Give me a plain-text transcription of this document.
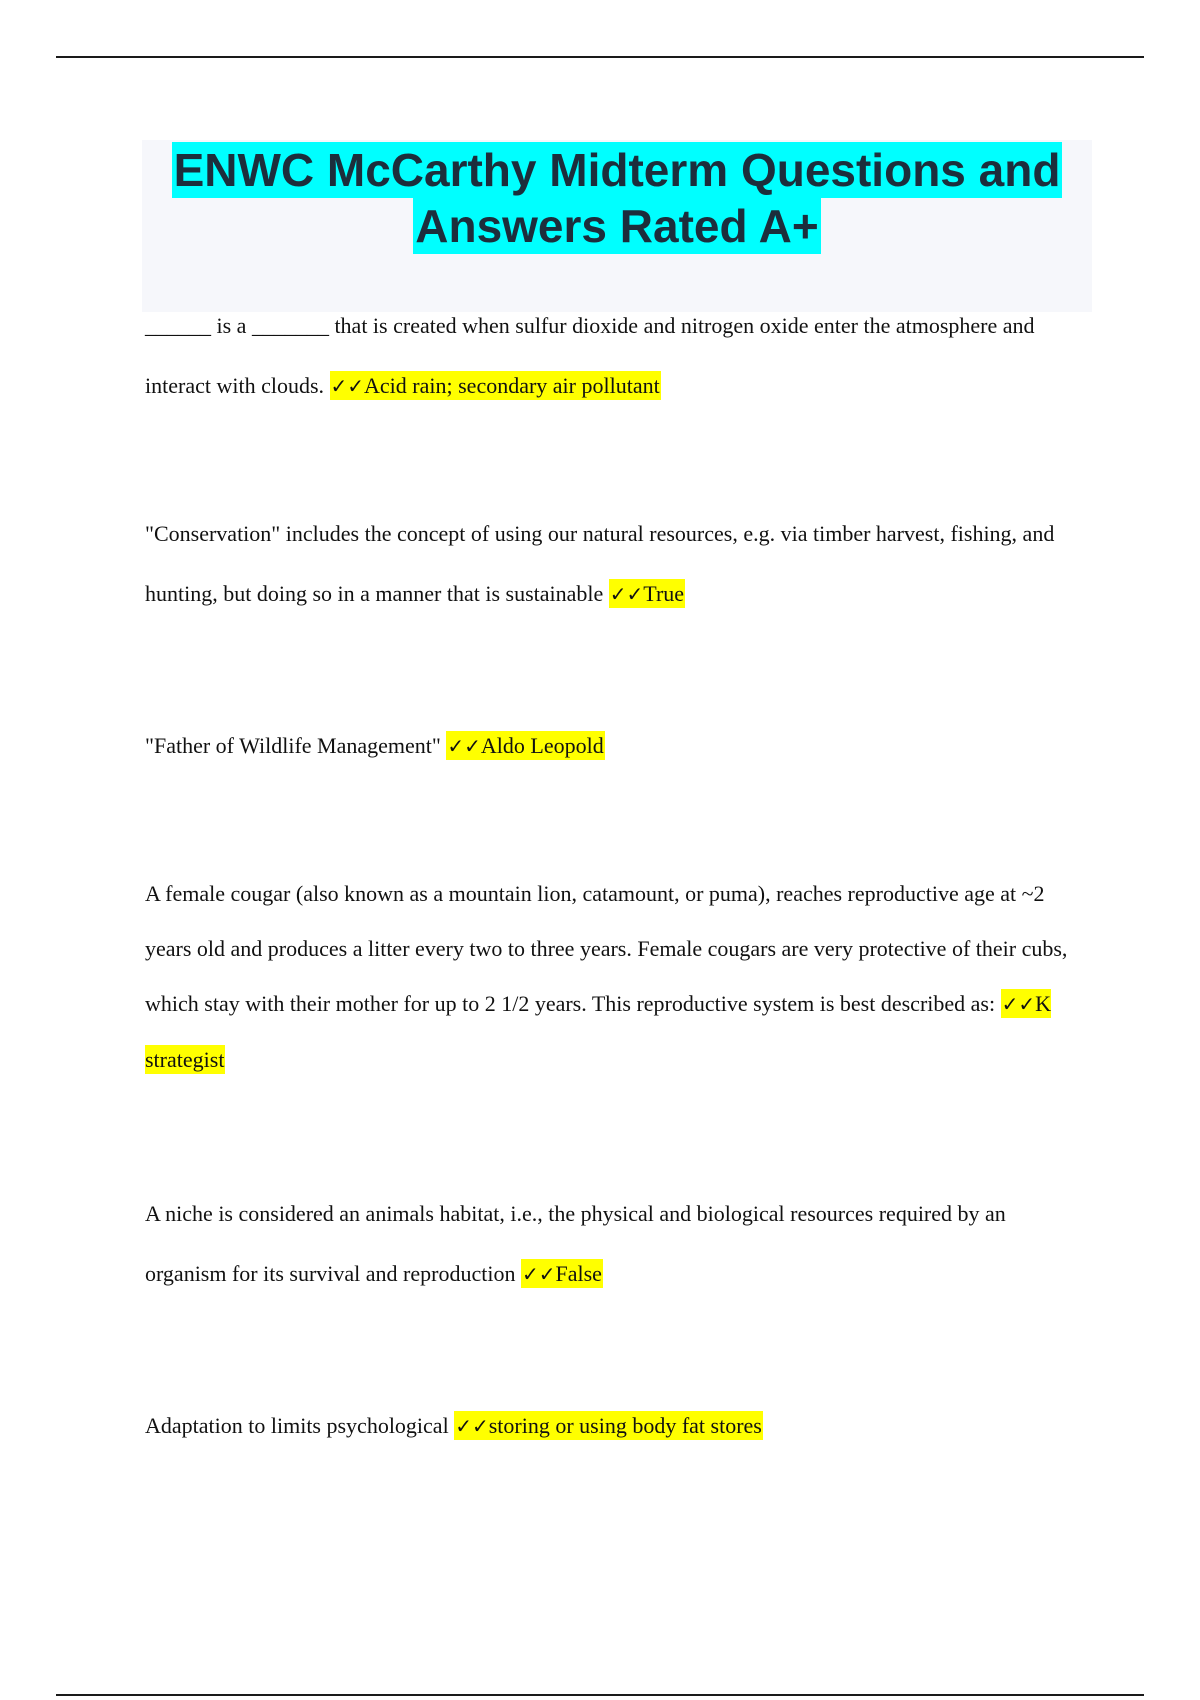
ENWC McCarthy Midterm Questions and
Answers Rated A+

______ is a _______ that is created when sulfur dioxide and nitrogen oxide enter the atmosphere and interact with clouds. ✓✓Acid rain; secondary air pollutant

"Conservation" includes the concept of using our natural resources, e.g. via timber harvest, fishing, and hunting, but doing so in a manner that is sustainable ✓✓True

"Father of Wildlife Management" ✓✓Aldo Leopold

A female cougar (also known as a mountain lion, catamount, or puma), reaches reproductive age at ~2 years old and produces a litter every two to three years. Female cougars are very protective of their cubs, which stay with their mother for up to 2 1/2 years. This reproductive system is best described as: ✓✓K strategist

A niche is considered an animals habitat, i.e., the physical and biological resources required by an organism for its survival and reproduction ✓✓False

Adaptation to limits psychological ✓✓storing or using body fat stores
